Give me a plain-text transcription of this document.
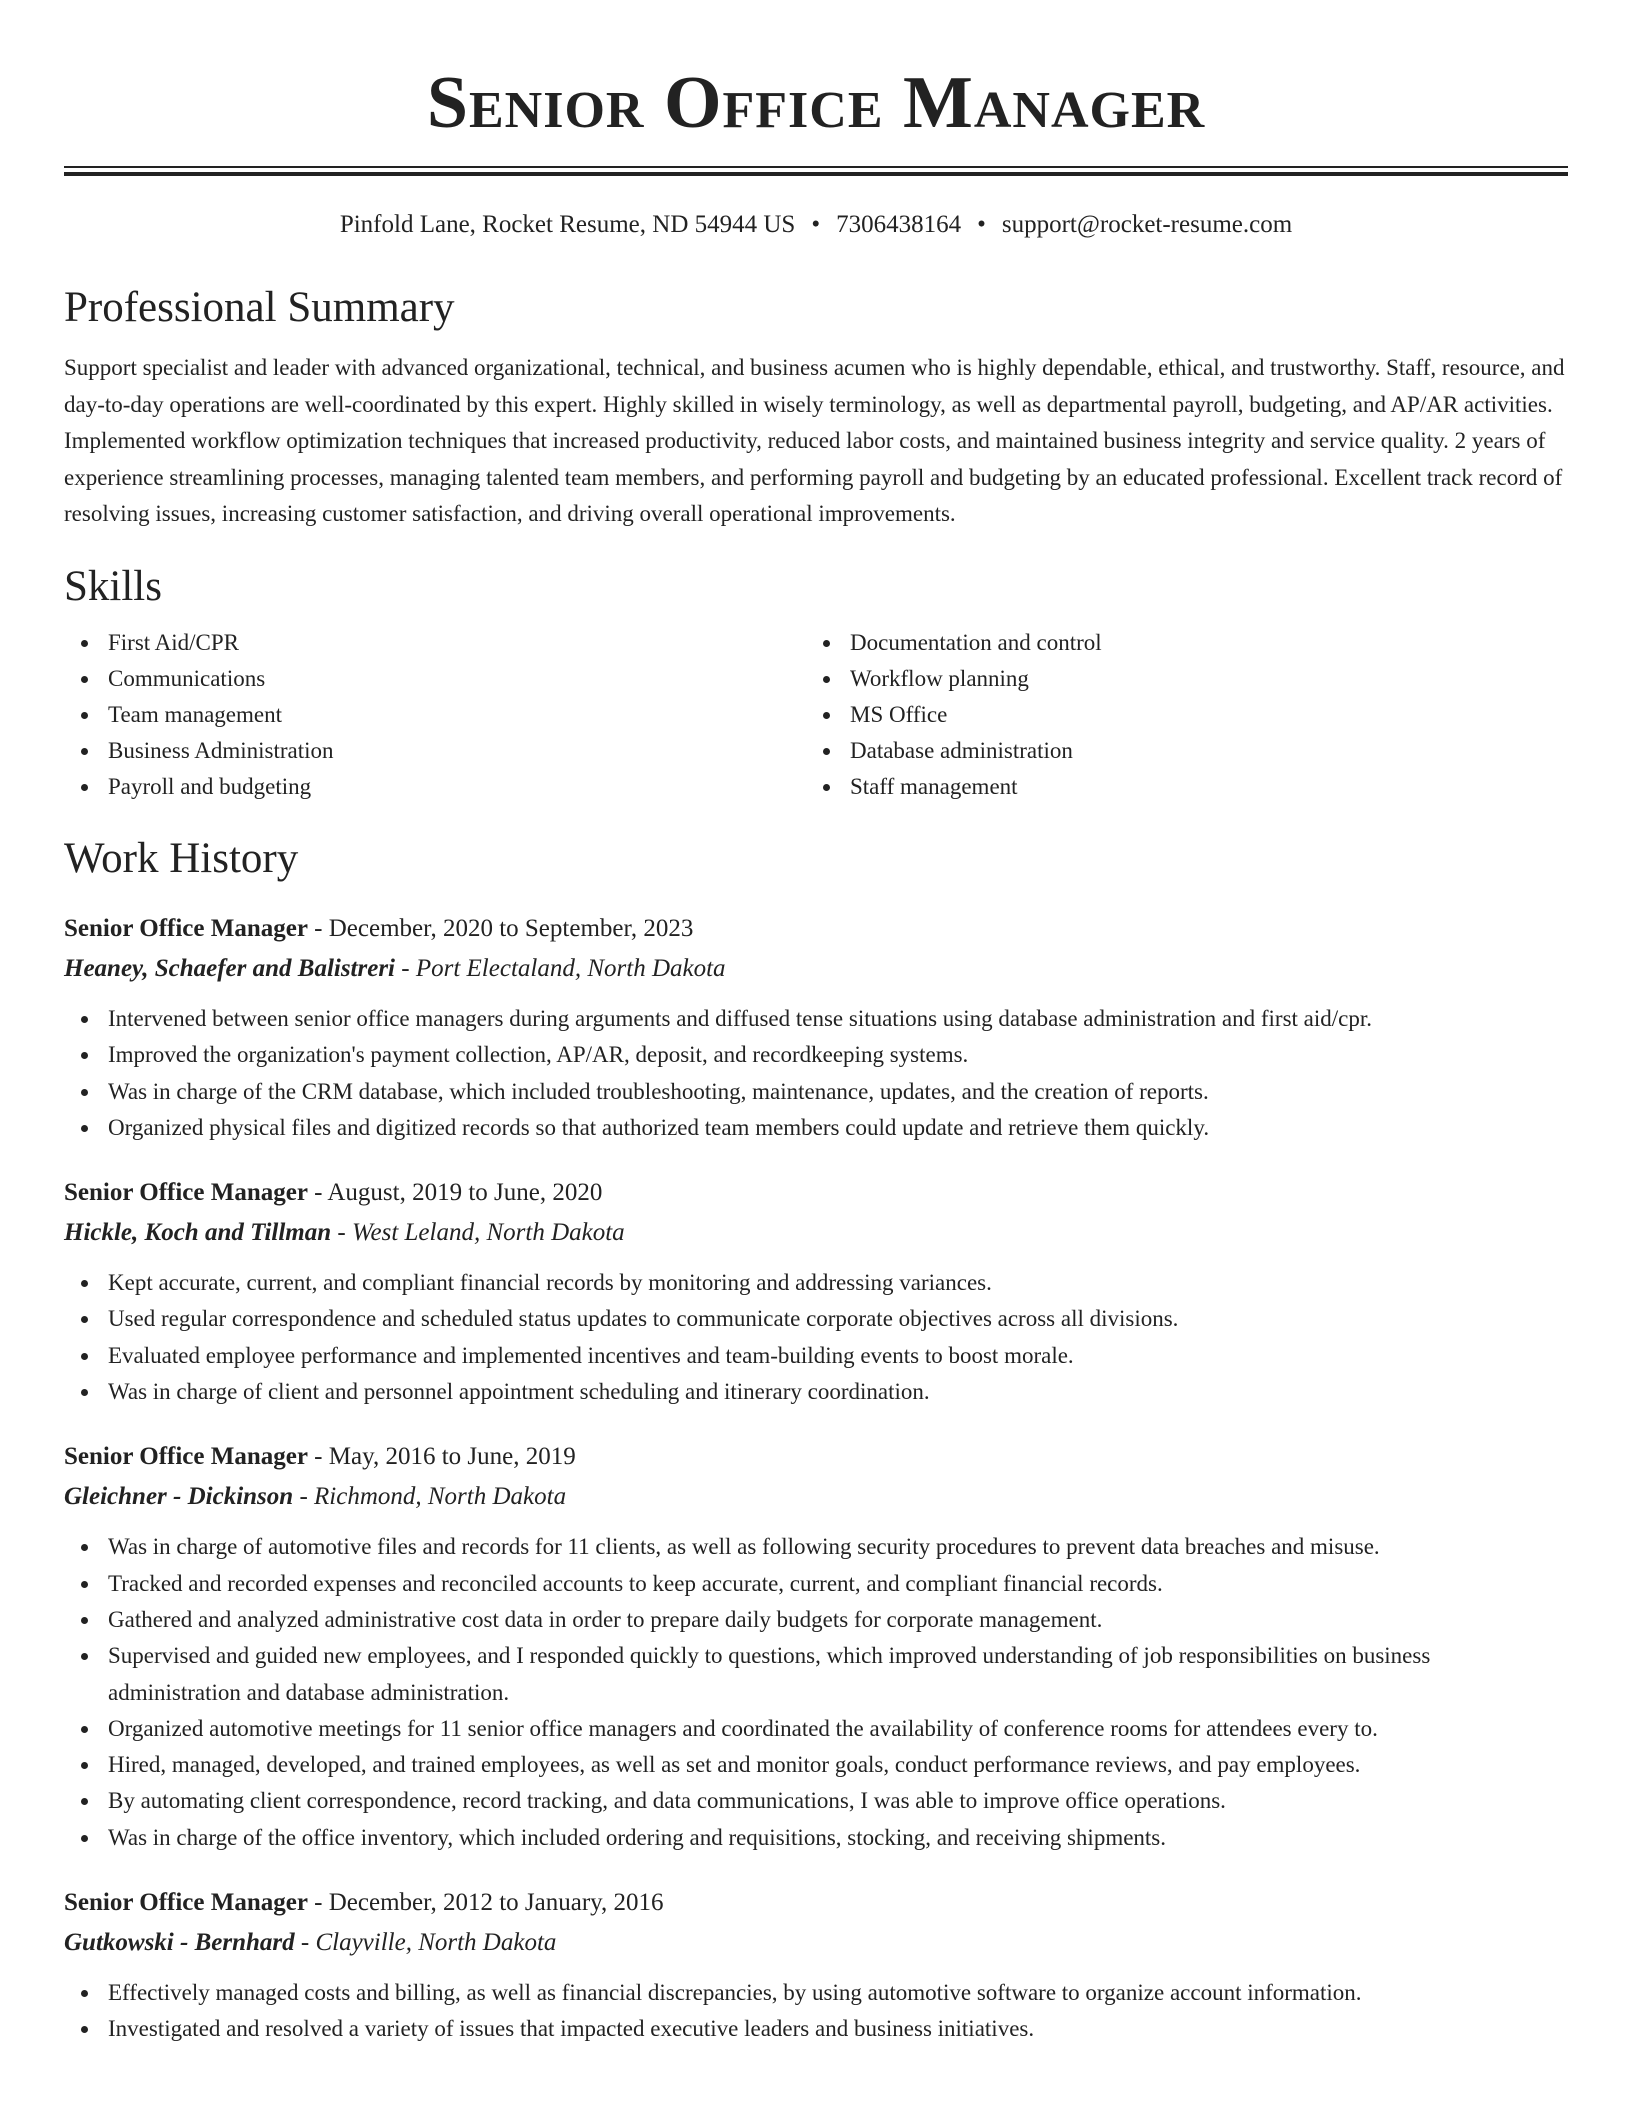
Senior Office Manager
Pinfold Lane, Rocket Resume, ND 54944 US • 7306438164 • support@rocket-resume.com
Professional Summary
Support specialist and leader with advanced organizational, technical, and business acumen who is highly dependable, ethical, and trustworthy. Staff, resource, and day-to-day operations are well-coordinated by this expert. Highly skilled in wisely terminology, as well as departmental payroll, budgeting, and AP/AR activities. Implemented workflow optimization techniques that increased productivity, reduced labor costs, and maintained business integrity and service quality. 2 years of experience streamlining processes, managing talented team members, and performing payroll and budgeting by an educated professional. Excellent track record of resolving issues, increasing customer satisfaction, and driving overall operational improvements.
Skills
First Aid/CPR
Communications
Team management
Business Administration
Payroll and budgeting
Documentation and control
Workflow planning
MS Office
Database administration
Staff management
Work History
Senior Office Manager - December, 2020 to September, 2023
Heaney, Schaefer and Balistreri - Port Electaland, North Dakota
Intervened between senior office managers during arguments and diffused tense situations using database administration and first aid/cpr.
Improved the organization's payment collection, AP/AR, deposit, and recordkeeping systems.
Was in charge of the CRM database, which included troubleshooting, maintenance, updates, and the creation of reports.
Organized physical files and digitized records so that authorized team members could update and retrieve them quickly.
Senior Office Manager - August, 2019 to June, 2020
Hickle, Koch and Tillman - West Leland, North Dakota
Kept accurate, current, and compliant financial records by monitoring and addressing variances.
Used regular correspondence and scheduled status updates to communicate corporate objectives across all divisions.
Evaluated employee performance and implemented incentives and team-building events to boost morale.
Was in charge of client and personnel appointment scheduling and itinerary coordination.
Senior Office Manager - May, 2016 to June, 2019
Gleichner - Dickinson - Richmond, North Dakota
Was in charge of automotive files and records for 11 clients, as well as following security procedures to prevent data breaches and misuse.
Tracked and recorded expenses and reconciled accounts to keep accurate, current, and compliant financial records.
Gathered and analyzed administrative cost data in order to prepare daily budgets for corporate management.
Supervised and guided new employees, and I responded quickly to questions, which improved understanding of job responsibilities on business administration and database administration.
Organized automotive meetings for 11 senior office managers and coordinated the availability of conference rooms for attendees every to.
Hired, managed, developed, and trained employees, as well as set and monitor goals, conduct performance reviews, and pay employees.
By automating client correspondence, record tracking, and data communications, I was able to improve office operations.
Was in charge of the office inventory, which included ordering and requisitions, stocking, and receiving shipments.
Senior Office Manager - December, 2012 to January, 2016
Gutkowski - Bernhard - Clayville, North Dakota
Effectively managed costs and billing, as well as financial discrepancies, by using automotive software to organize account information.
Investigated and resolved a variety of issues that impacted executive leaders and business initiatives.
